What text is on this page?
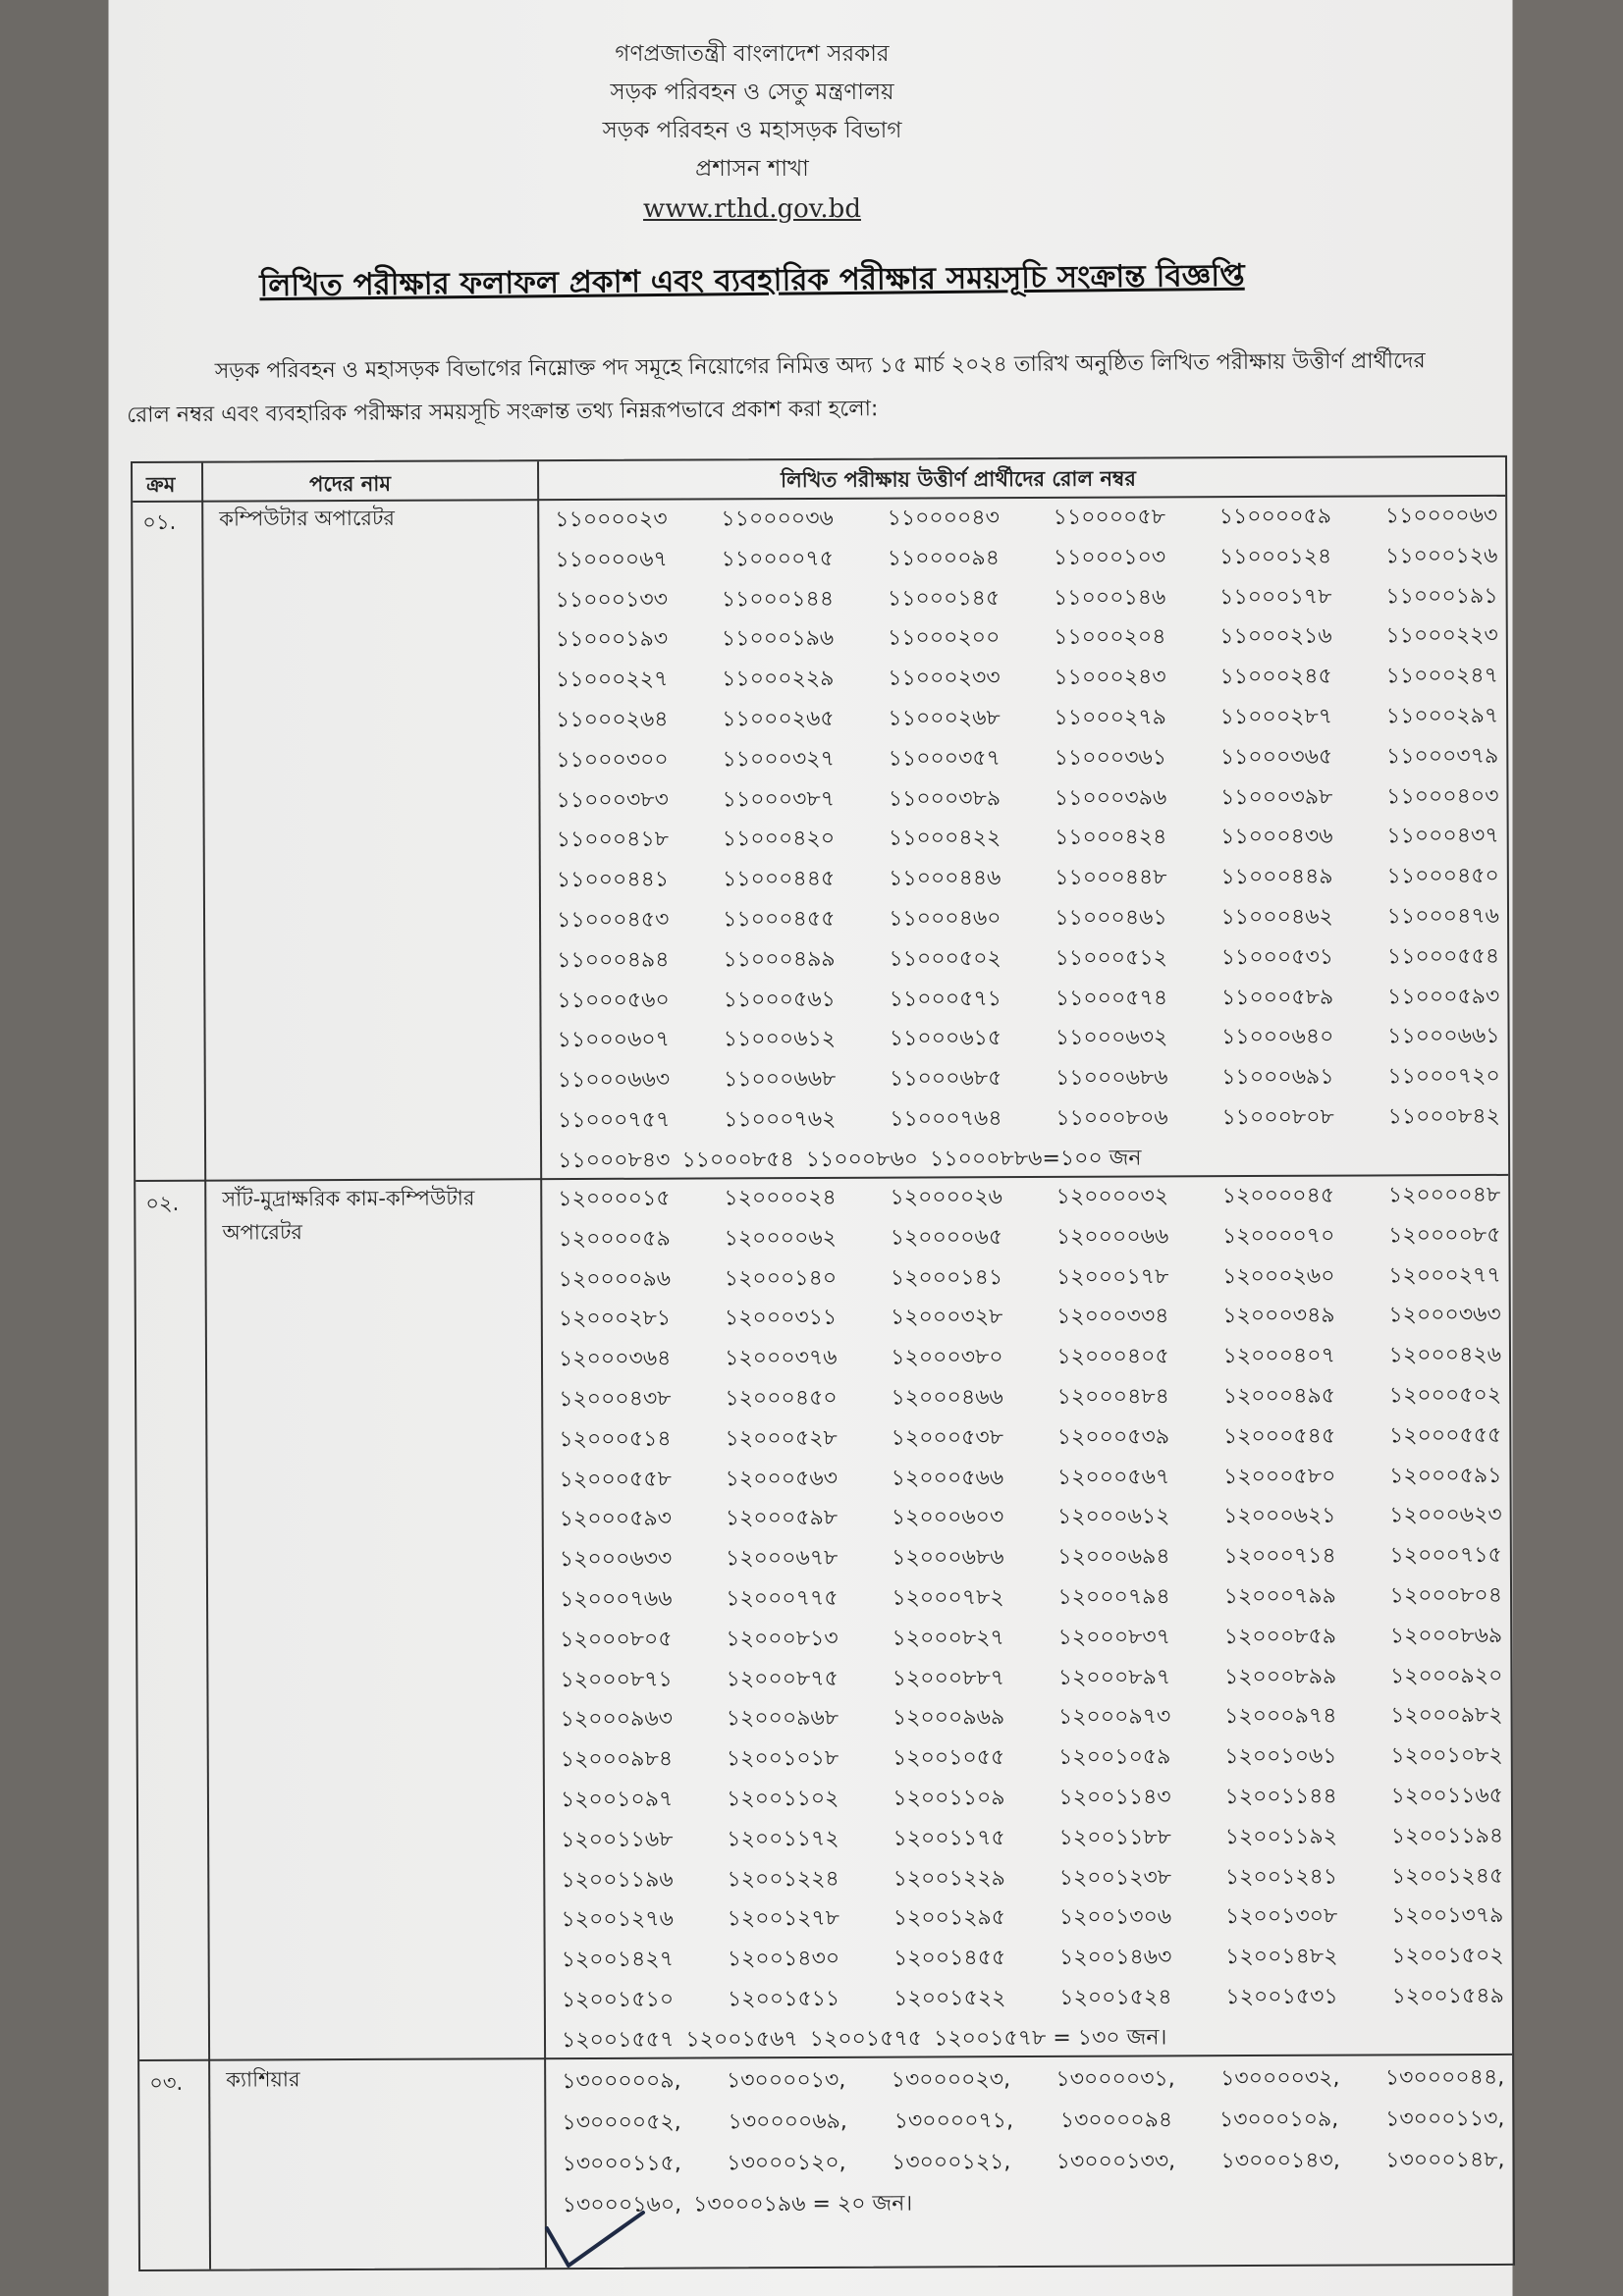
গণপ্রজাতন্ত্রী বাংলাদেশ সরকার
সড়ক পরিবহন ও সেতু মন্ত্রণালয়
সড়ক পরিবহন ও মহাসড়ক বিভাগ
প্রশাসন শাখা
www.rthd.gov.bd
লিখিত পরীক্ষার ফলাফল প্রকাশ এবং ব্যবহারিক পরীক্ষার সময়সূচি সংক্রান্ত বিজ্ঞপ্তি
সড়ক পরিবহন ও মহাসড়ক বিভাগের নিম্নোক্ত পদ সমূহে নিয়োগের নিমিত্ত অদ্য ১৫ মার্চ ২০২৪ তারিখ অনুষ্ঠিত লিখিত পরীক্ষায় উত্তীর্ণ প্রার্থীদের রোল নম্বর এবং ব্যবহারিক পরীক্ষার সময়সূচি সংক্রান্ত তথ্য নিম্নরূপভাবে প্রকাশ করা হলো:
ক্রম	পদের নাম	লিখিত পরীক্ষায় উত্তীর্ণ প্রার্থীদের রোল নম্বর
০১. কম্পিউটার অপারেটর	১১০০০০২৩ ১১০০০০৩৬ ১১০০০০৪৩ ১১০০০০৫৮ ১১০০০০৫৯ ১১০০০০৬৩
১১০০০০৬৭ ১১০০০০৭৫ ১১০০০০৯৪ ১১০০০১০৩ ১১০০০১২৪ ১১০০০১২৬
১১০০০১৩৩ ১১০০০১৪৪ ১১০০০১৪৫ ১১০০০১৪৬ ১১০০০১৭৮ ১১০০০১৯১
১১০০০১৯৩ ১১০০০১৯৬ ১১০০০২০০ ১১০০০২০৪ ১১০০০২১৬ ১১০০০২২৩
১১০০০২২৭ ১১০০০২২৯ ১১০০০২৩৩ ১১০০০২৪৩ ১১০০০২৪৫ ১১০০০২৪৭
১১০০০২৬৪ ১১০০০২৬৫ ১১০০০২৬৮ ১১০০০২৭৯ ১১০০০২৮৭ ১১০০০২৯৭
১১০০০৩০০ ১১০০০৩২৭ ১১০০০৩৫৭ ১১০০০৩৬১ ১১০০০৩৬৫ ১১০০০৩৭৯
১১০০০৩৮৩ ১১০০০৩৮৭ ১১০০০৩৮৯ ১১০০০৩৯৬ ১১০০০৩৯৮ ১১০০০৪০৩
১১০০০৪১৮ ১১০০০৪২০ ১১০০০৪২২ ১১০০০৪২৪ ১১০০০৪৩৬ ১১০০০৪৩৭
১১০০০৪৪১ ১১০০০৪৪৫ ১১০০০৪৪৬ ১১০০০৪৪৮ ১১০০০৪৪৯ ১১০০০৪৫০
১১০০০৪৫৩ ১১০০০৪৫৫ ১১০০০৪৬০ ১১০০০৪৬১ ১১০০০৪৬২ ১১০০০৪৭৬
১১০০০৪৯৪ ১১০০০৪৯৯ ১১০০০৫০২ ১১০০০৫১২ ১১০০০৫৩১ ১১০০০৫৫৪
১১০০০৫৬০ ১১০০০৫৬১ ১১০০০৫৭১ ১১০০০৫৭৪ ১১০০০৫৮৯ ১১০০০৫৯৩
১১০০০৬০৭ ১১০০০৬১২ ১১০০০৬১৫ ১১০০০৬৩২ ১১০০০৬৪০ ১১০০০৬৬১
১১০০০৬৬৩ ১১০০০৬৬৮ ১১০০০৬৮৫ ১১০০০৬৮৬ ১১০০০৬৯১ ১১০০০৭২০
১১০০০৭৫৭ ১১০০০৭৬২ ১১০০০৭৬৪ ১১০০০৮০৬ ১১০০০৮০৮ ১১০০০৮৪২
১১০০০৮৪৩ ১১০০০৮৫৪ ১১০০০৮৬০ ১১০০০৮৮৬=১০০ জন
০২. সাঁট-মুদ্রাক্ষরিক কাম-কম্পিউটার অপারেটর
১২০০০০১৫ ১২০০০০২৪ ১২০০০০২৬ ১২০০০০৩২ ১২০০০০৪৫ ১২০০০০৪৮
১২০০০০৫৯ ১২০০০০৬২ ১২০০০০৬৫ ১২০০০০৬৬ ১২০০০০৭০ ১২০০০০৮৫
১২০০০০৯৬ ১২০০০১৪০ ১২০০০১৪১ ১২০০০১৭৮ ১২০০০২৬০ ১২০০০২৭৭
১২০০০২৮১ ১২০০০৩১১ ১২০০০৩২৮ ১২০০০৩৩৪ ১২০০০৩৪৯ ১২০০০৩৬৩
১২০০০৩৬৪ ১২০০০৩৭৬ ১২০০০৩৮০ ১২০০০৪০৫ ১২০০০৪০৭ ১২০০০৪২৬
১২০০০৪৩৮ ১২০০০৪৫০ ১২০০০৪৬৬ ১২০০০৪৮৪ ১২০০০৪৯৫ ১২০০০৫০২
১২০০০৫১৪ ১২০০০৫২৮ ১২০০০৫৩৮ ১২০০০৫৩৯ ১২০০০৫৪৫ ১২০০০৫৫৫
১২০০০৫৫৮ ১২০০০৫৬৩ ১২০০০৫৬৬ ১২০০০৫৬৭ ১২০০০৫৮০ ১২০০০৫৯১
১২০০০৫৯৩ ১২০০০৫৯৮ ১২০০০৬০৩ ১২০০০৬১২ ১২০০০৬২১ ১২০০০৬২৩
১২০০০৬৩৩ ১২০০০৬৭৮ ১২০০০৬৮৬ ১২০০০৬৯৪ ১২০০০৭১৪ ১২০০০৭১৫
১২০০০৭৬৬ ১২০০০৭৭৫ ১২০০০৭৮২ ১২০০০৭৯৪ ১২০০০৭৯৯ ১২০০০৮০৪
১২০০০৮০৫ ১২০০০৮১৩ ১২০০০৮২৭ ১২০০০৮৩৭ ১২০০০৮৫৯ ১২০০০৮৬৯
১২০০০৮৭১ ১২০০০৮৭৫ ১২০০০৮৮৭ ১২০০০৮৯৭ ১২০০০৮৯৯ ১২০০০৯২০
১২০০০৯৬৩ ১২০০০৯৬৮ ১২০০০৯৬৯ ১২০০০৯৭৩ ১২০০০৯৭৪ ১২০০০৯৮২
১২০০০৯৮৪ ১২০০১০১৮ ১২০০১০৫৫ ১২০০১০৫৯ ১২০০১০৬১ ১২০০১০৮২
১২০০১০৯৭ ১২০০১১০২ ১২০০১১০৯ ১২০০১১৪৩ ১২০০১১৪৪ ১২০০১১৬৫
১২০০১১৬৮ ১২০০১১৭২ ১২০০১১৭৫ ১২০০১১৮৮ ১২০০১১৯২ ১২০০১১৯৪
১২০০১১৯৬ ১২০০১২২৪ ১২০০১২২৯ ১২০০১২৩৮ ১২০০১২৪১ ১২০০১২৪৫
১২০০১২৭৬ ১২০০১২৭৮ ১২০০১২৯৫ ১২০০১৩০৬ ১২০০১৩০৮ ১২০০১৩৭৯
১২০০১৪২৭ ১২০০১৪৩০ ১২০০১৪৫৫ ১২০০১৪৬৩ ১২০০১৪৮২ ১২০০১৫০২
১২০০১৫১০ ১২০০১৫১১ ১২০০১৫২২ ১২০০১৫২৪ ১২০০১৫৩১ ১২০০১৫৪৯
১২০০১৫৫৭ ১২০০১৫৬৭ ১২০০১৫৭৫ ১২০০১৫৭৮ = ১৩০ জন।
০৩. ক্যাশিয়ার	১৩০০০০০৯, ১৩০০০০১৩, ১৩০০০০২৩, ১৩০০০০৩১, ১৩০০০০৩২, ১৩০০০০৪৪,
১৩০০০০৫২, ১৩০০০০৬৯, ১৩০০০০৭১, ১৩০০০০৯৪ ১৩০০০১০৯, ১৩০০০১১৩,
১৩০০০১১৫, ১৩০০০১২০, ১৩০০০১২১, ১৩০০০১৩৩, ১৩০০০১৪৩, ১৩০০০১৪৮,
১৩০০০১৬০, ১৩০০০১৯৬ = ২০ জন।
